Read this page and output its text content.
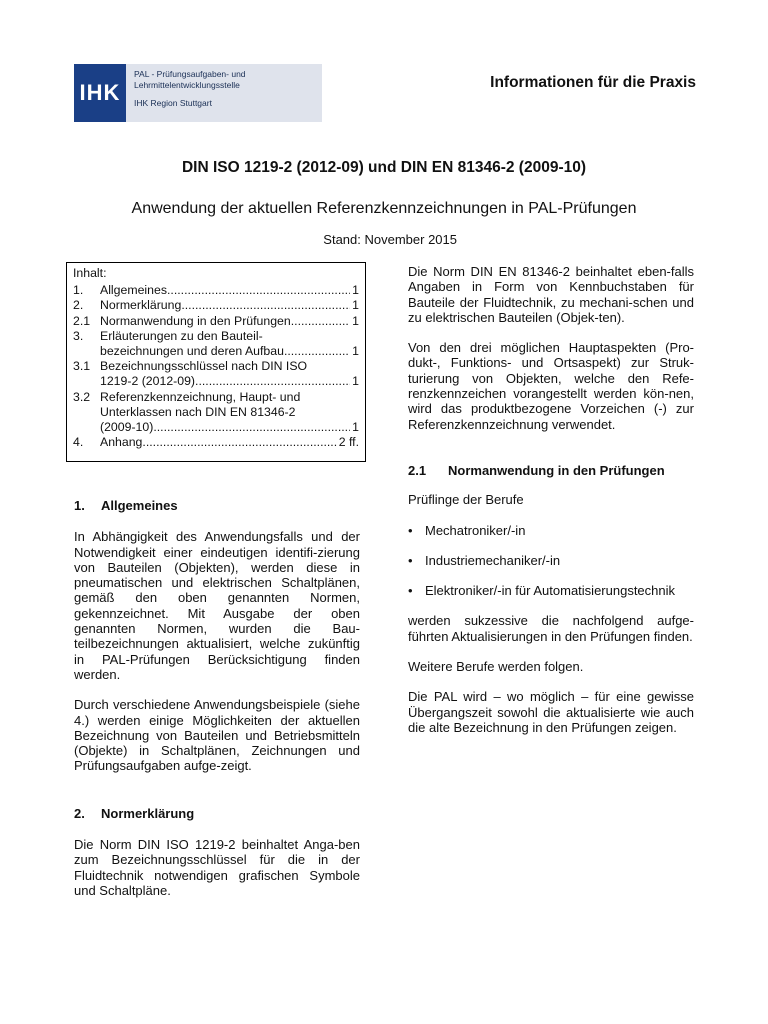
IHK
PAL - Prüfungsaufgaben- und
Lehrmittelentwicklungsstelle
IHK Region Stuttgart
Informationen für die Praxis
DIN ISO 1219-2 (2012-09) und DIN EN 81346-2 (2009-10)
Anwendung der aktuellen Referenzkennzeichnungen in PAL-Prüfungen
Stand: November 2015
Inhalt:
1.	Allgemeines .....	1
2.	Normerklärung .....	1
2.1 Normanwendung in den Prüfungen .....	1
3.	Erläuterungen zu den Bauteil-
bezeichnungen und deren Aufbau .....	1
3.1 Bezeichnungsschlüssel nach DIN ISO
1219-2 (2012-09) .....	1
3.2 Referenzkennzeichnung, Haupt- und
Unterklassen nach DIN EN 81346-2
(2009-10) .....	1
4.	Anhang .....	2 ff.
1.	Allgemeines

In Abhängigkeit des Anwendungsfalls und der Notwendigkeit einer eindeutigen identifi-zierung von Bauteilen (Objekten), werden diese in pneumatischen und elektrischen Schaltplänen, gemäß den oben genannten Normen, gekennzeichnet. Mit Ausgabe der oben genannten Normen, wurden die Bau-teilbezeichnungen aktualisiert, welche zukünftig in PAL-Prüfungen Berücksichtigung finden werden.

Durch verschiedene Anwendungsbeispiele (siehe 4.) werden einige Möglichkeiten der aktuellen Bezeichnung von Bauteilen und Betriebsmitteln (Objekte) in Schaltplänen, Zeichnungen und Prüfungsaufgaben aufge-zeigt.

2.	Normerklärung

Die Norm DIN ISO 1219-2 beinhaltet Anga-ben zum Bezeichnungsschlüssel für die in der Fluidtechnik notwendigen grafischen Symbole und Schaltpläne.

Die Norm DIN EN 81346-2 beinhaltet eben-falls Angaben in Form von Kennbuchstaben für Bauteile der Fluidtechnik, zu mechani-schen und zu elektrischen Bauteilen (Objek-ten).

Von den drei möglichen Hauptaspekten (Pro-dukt-, Funktions- und Ortsaspekt) zur Struk-turierung von Objekten, welche den Refe-renzkennzeichen vorangestellt werden kön-nen, wird das produktbezogene Vorzeichen (-) zur Referenzkennzeichnung verwendet.

2.1	Normanwendung in den Prüfungen

Prüflinge der Berufe

• Mechatroniker/-in
• Industriemechaniker/-in
• Elektroniker/-in für Automatisierungstechnik

werden sukzessive die nachfolgend aufge-führten Aktualisierungen in den Prüfungen finden.

Weitere Berufe werden folgen.

Die PAL wird – wo möglich – für eine gewisse Übergangszeit sowohl die aktualisierte wie auch die alte Bezeichnung in den Prüfungen zeigen.
